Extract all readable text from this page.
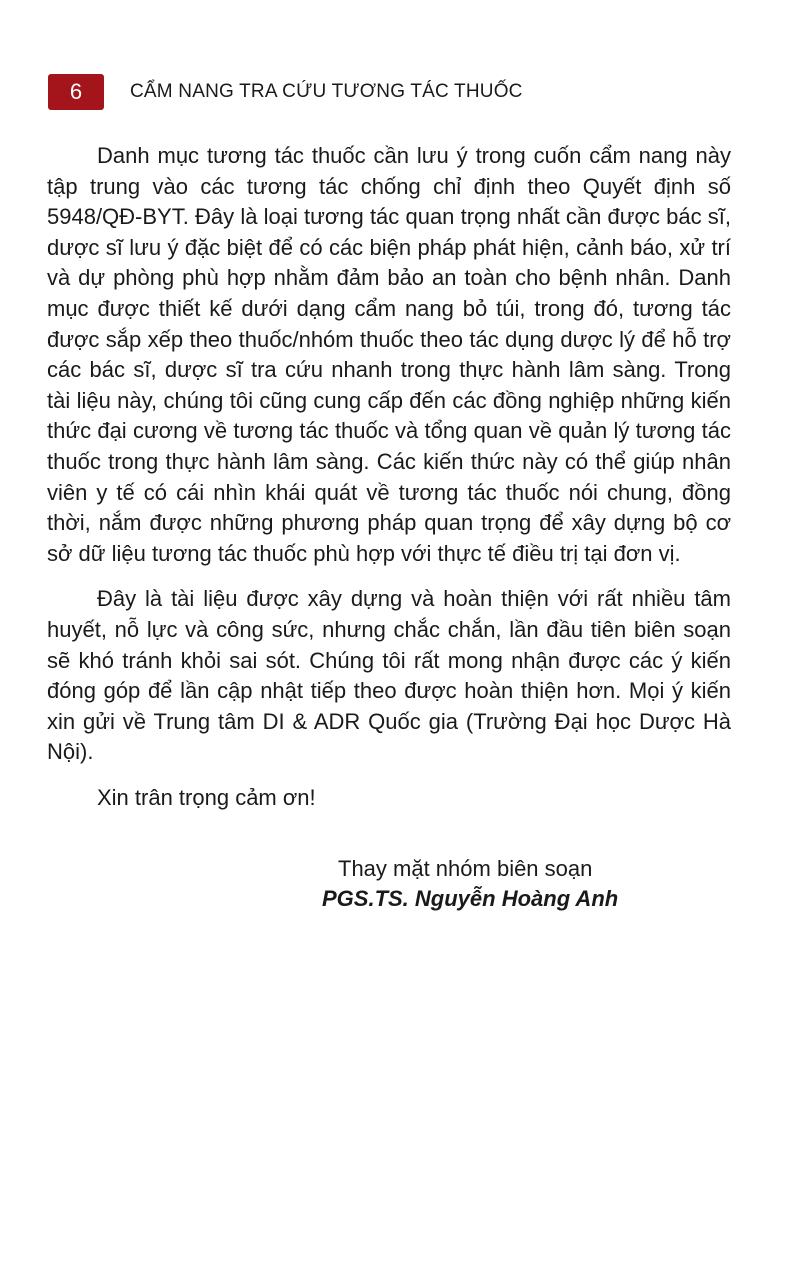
6	CẨM NANG TRA CỨU TƯƠNG TÁC THUỐC

Danh mục tương tác thuốc cần lưu ý trong cuốn cẩm nang này tập trung vào các tương tác chống chỉ định theo Quyết định số 5948/QĐ-BYT. Đây là loại tương tác quan trọng nhất cần được bác sĩ, dược sĩ lưu ý đặc biệt để có các biện pháp phát hiện, cảnh báo, xử trí và dự phòng phù hợp nhằm đảm bảo an toàn cho bệnh nhân. Danh mục được thiết kế dưới dạng cẩm nang bỏ túi, trong đó, tương tác được sắp xếp theo thuốc/nhóm thuốc theo tác dụng dược lý để hỗ trợ các bác sĩ, dược sĩ tra cứu nhanh trong thực hành lâm sàng. Trong tài liệu này, chúng tôi cũng cung cấp đến các đồng nghiệp những kiến thức đại cương về tương tác thuốc và tổng quan về quản lý tương tác thuốc trong thực hành lâm sàng. Các kiến thức này có thể giúp nhân viên y tế có cái nhìn khái quát về tương tác thuốc nói chung, đồng thời, nắm được những phương pháp quan trọng để xây dựng bộ cơ sở dữ liệu tương tác thuốc phù hợp với thực tế điều trị tại đơn vị.

Đây là tài liệu được xây dựng và hoàn thiện với rất nhiều tâm huyết, nỗ lực và công sức, nhưng chắc chắn, lần đầu tiên biên soạn sẽ khó tránh khỏi sai sót. Chúng tôi rất mong nhận được các ý kiến đóng góp để lần cập nhật tiếp theo được hoàn thiện hơn. Mọi ý kiến xin gửi về Trung tâm DI & ADR Quốc gia (Trường Đại học Dược Hà Nội).

Xin trân trọng cảm ơn!

Thay mặt nhóm biên soạn
PGS.TS. Nguyễn Hoàng Anh
